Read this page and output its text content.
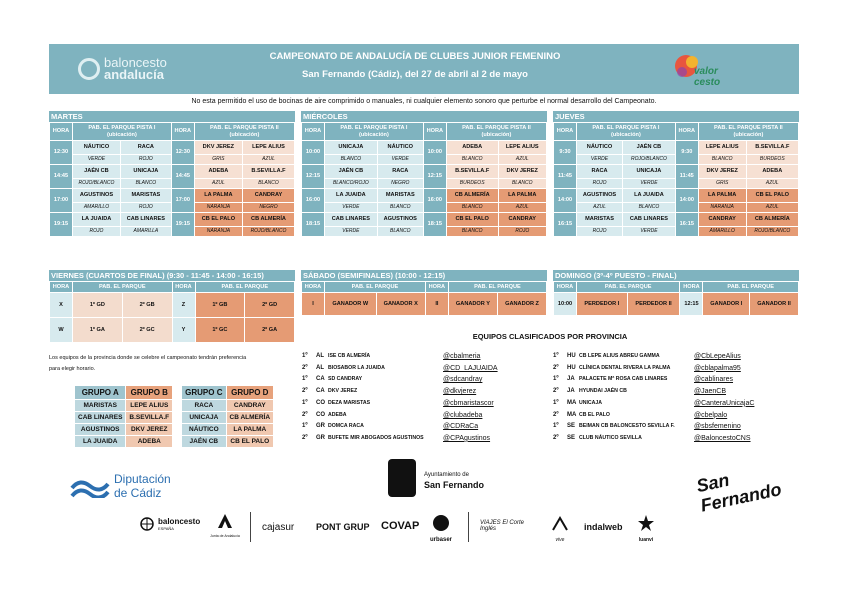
baloncesto
andalucía
CAMPEONATO DE ANDALUCÍA DE CLUBES JUNIOR FEMENINO
San Fernando (Cádiz), del 27 de abril al 2 de mayo	valor cesto
No esta permitido el uso de bocinas de aire comprimido o manuales, ni cualquier elemento sonoro que perturbe el normal desarrollo del Campeonato.
MARTES
HORA	PAB. EL PARQUE PISTA I (ubicación)		HORA	PAB. EL PARQUE PISTA II (ubicación)	
12:30	NÁUTICO	RACA	12:30	DKV JEREZ	LEPE ALIUS
	VERDE	ROJO		GRIS	AZUL
14:45	JAÉN CB	UNICAJA	14:45	ADEBA	B.SEVILLA.F
	ROJO/BLANCO	BLANCO		AZUL	BLANCO
17:00	AGUSTINOS	MARISTAS	17:00	LA PALMA	CANDRAY
	AMARILLO	ROJO		NARANJA	NEGRO
19:15	LA JUAIDA	CAB LINARES	19:15	CB EL PALO	CB ALMERÍA
	ROJO	AMARILLA		NARANJA	ROJO/BLANCO
MIÉRCOLES
HORA	PAB. EL PARQUE PISTA I (ubicación)		HORA	PAB. EL PARQUE PISTA II (ubicación)	
10:00	UNICAJA	NÁUTICO	10:00	ADEBA	LEPE ALIUS
	BLANCO	VERDE		BLANCO	AZUL
12:15	JAÉN CB	RACA	12:15	B.SEVILLA.F	DKV JEREZ
	BLANCO/ROJO	NEGRO		BURDEOS	BLANCO
16:00	LA JUAIDA	MARISTAS	16:00	CB ALMERÍA	LA PALMA
	VERDE	BLANCO		BLANCO	AZUL
18:15	CAB LINARES	AGUSTINOS	18:15	CB EL PALO	CANDRAY
	VERDE	BLANCO		BLANCO	ROJO
JUEVES
HORA	PAB. EL PARQUE PISTA I (ubicación)		HORA	PAB. EL PARQUE PISTA II (ubicación)	
9:30	NÁUTICO	JAÉN CB	9:30	LEPE ALIUS	B.SEVILLA.F
	VERDE	ROJO/BLANCO		BLANCO	BURDEOS
11:45	RACA	UNICAJA	11:45	DKV JEREZ	ADEBA
	ROJO	VERDE		GRIS	AZUL
14:00	AGUSTINOS	LA JUAIDA	14:00	LA PALMA	CB EL PALO
	AZUL	BLANCO		NARANJA	AZUL
16:15	MARISTAS	CAB LINARES	16:15	CANDRAY	CB ALMERÍA
	ROJO	VERDE		AMARILLO	ROJO/BLANCO
VIERNES (CUARTOS DE FINAL) (9:30 - 11:45 - 14:00 - 16:15)
HORA	PAB. EL PARQUE		HORA	PAB. EL PARQUE	
X	1º GD	2º GB	Z	1º GB	2º GD
W	1º GA	2º GC	Y	1º GC	2º GA
SÁBADO (SEMIFINALES) (10:00 - 12:15)
HORA	PAB. EL PARQUE		HORA	PAB. EL PARQUE	
I	GANADOR W	GANADOR X	II	GANADOR Y	GANADOR Z
DOMINGO (3º-4º PUESTO - FINAL)
HORA	PAB. EL PARQUE		HORA	PAB. EL PARQUE	
10:00	PERDEDOR I	PERDEDOR II	12:15	GANADOR I	GANADOR II
Los equipos de la provincia donde se celebre el campeonato tendrán preferencia
para elegir horario.
GRUPO A	GRUPO B		GRUPO C	GRUPO D
MARISTAS	LEPE ALIUS		RACA	CANDRAY
CAB LINARES	B.SEVILLA.F		UNICAJA	CB ALMERÍA
AGUSTINOS	DKV JEREZ		NÁUTICO	LA PALMA
LA JUAIDA	ADEBA		JAÉN CB	CB EL PALO
EQUIPOS CLASIFICADOS POR PROVINCIA
1º	AL ISE CB ALMERÍA	@cbalmeria
2º	AL BIOSABOR LA JUAIDA	@CD_LAJUAIDA
1º	CA SD CANDRAY	@sdcandray
2º	CA DKV JEREZ	@dkvjerez
1º	CO DEZA MARISTAS	@cbmaristascor
2º	CO ADEBA	@clubadeba
1º	GR DOMCA RACA	@CDRaCa
2º	GR BUFETE MIR ABOGADOS AGUSTINOS	@CPAgustinos
1º	HU CB LEPE ALIUS ABREU GAMMA	@CbLepeAlius
2º	HU CLÍNICA DENTAL RIVERA LA PALMA	@cblapalma95
1º	JA PALACETE Mª ROSA CAB LINARES	@cablinares
2º	JA HYUNDAI JAÉN CB	@JaenCB
1º	MA UNICAJA	@CanteraUnicajaC
2º	MA CB EL PALO	@cbelpalo
1º	SE BEIMAN CB BALONCESTO SEVILLA F.	@sbsfemenino
2º	SE CLUB NÁUTICO SEVILLA	@BaloncestoCNS
Diputación de Cádiz
Ayuntamiento de
San Fernando	San Fernando
baloncesto
ESPAÑA
Junta de Andalucía
cajasur PONT GRUP COVAP
urbaser
VIAJES El Corte Inglés
vive
indalweb
luanvi
